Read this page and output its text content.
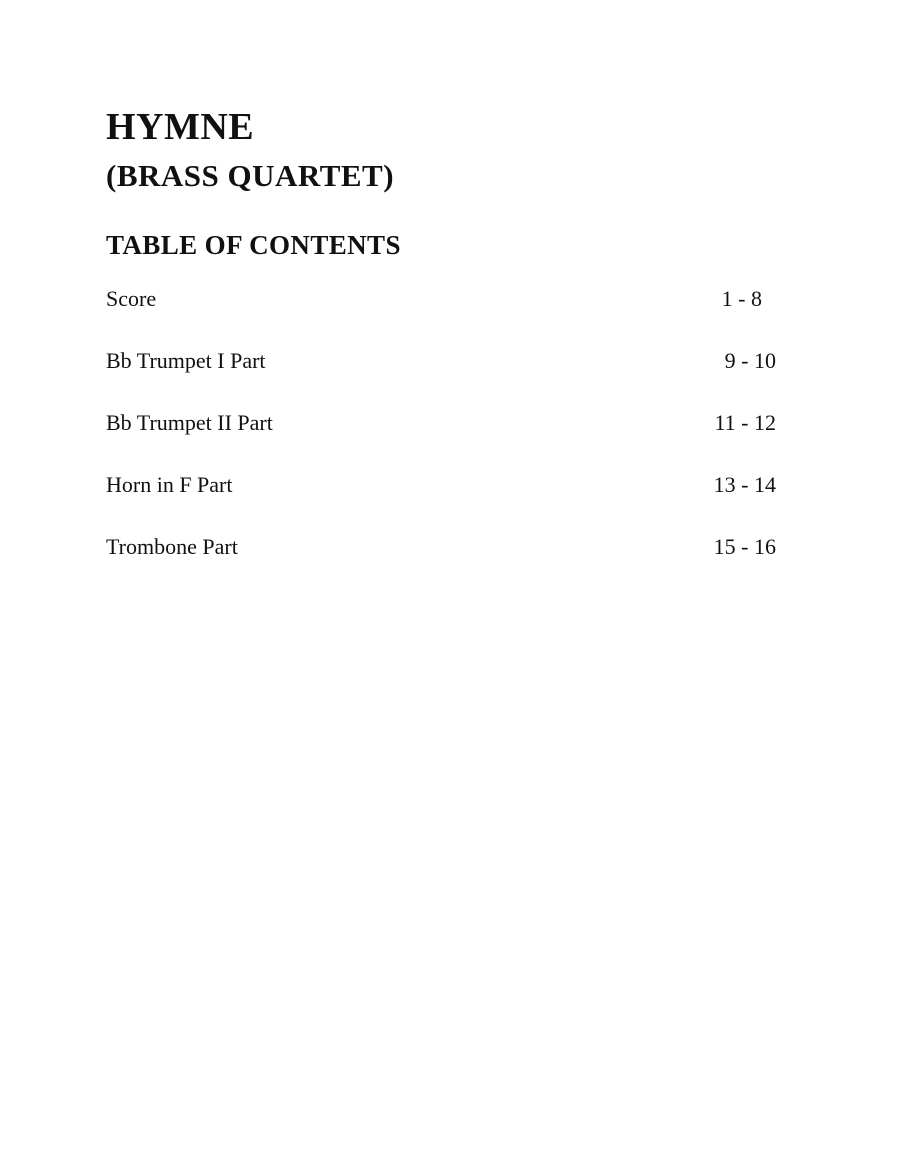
HYMNE
(BRASS QUARTET)
TABLE OF CONTENTS
Score	1 - 8
Bb Trumpet I Part	9 - 10
Bb Trumpet II Part	11 - 12
Horn in F Part	13 - 14
Trombone Part	15 - 16
